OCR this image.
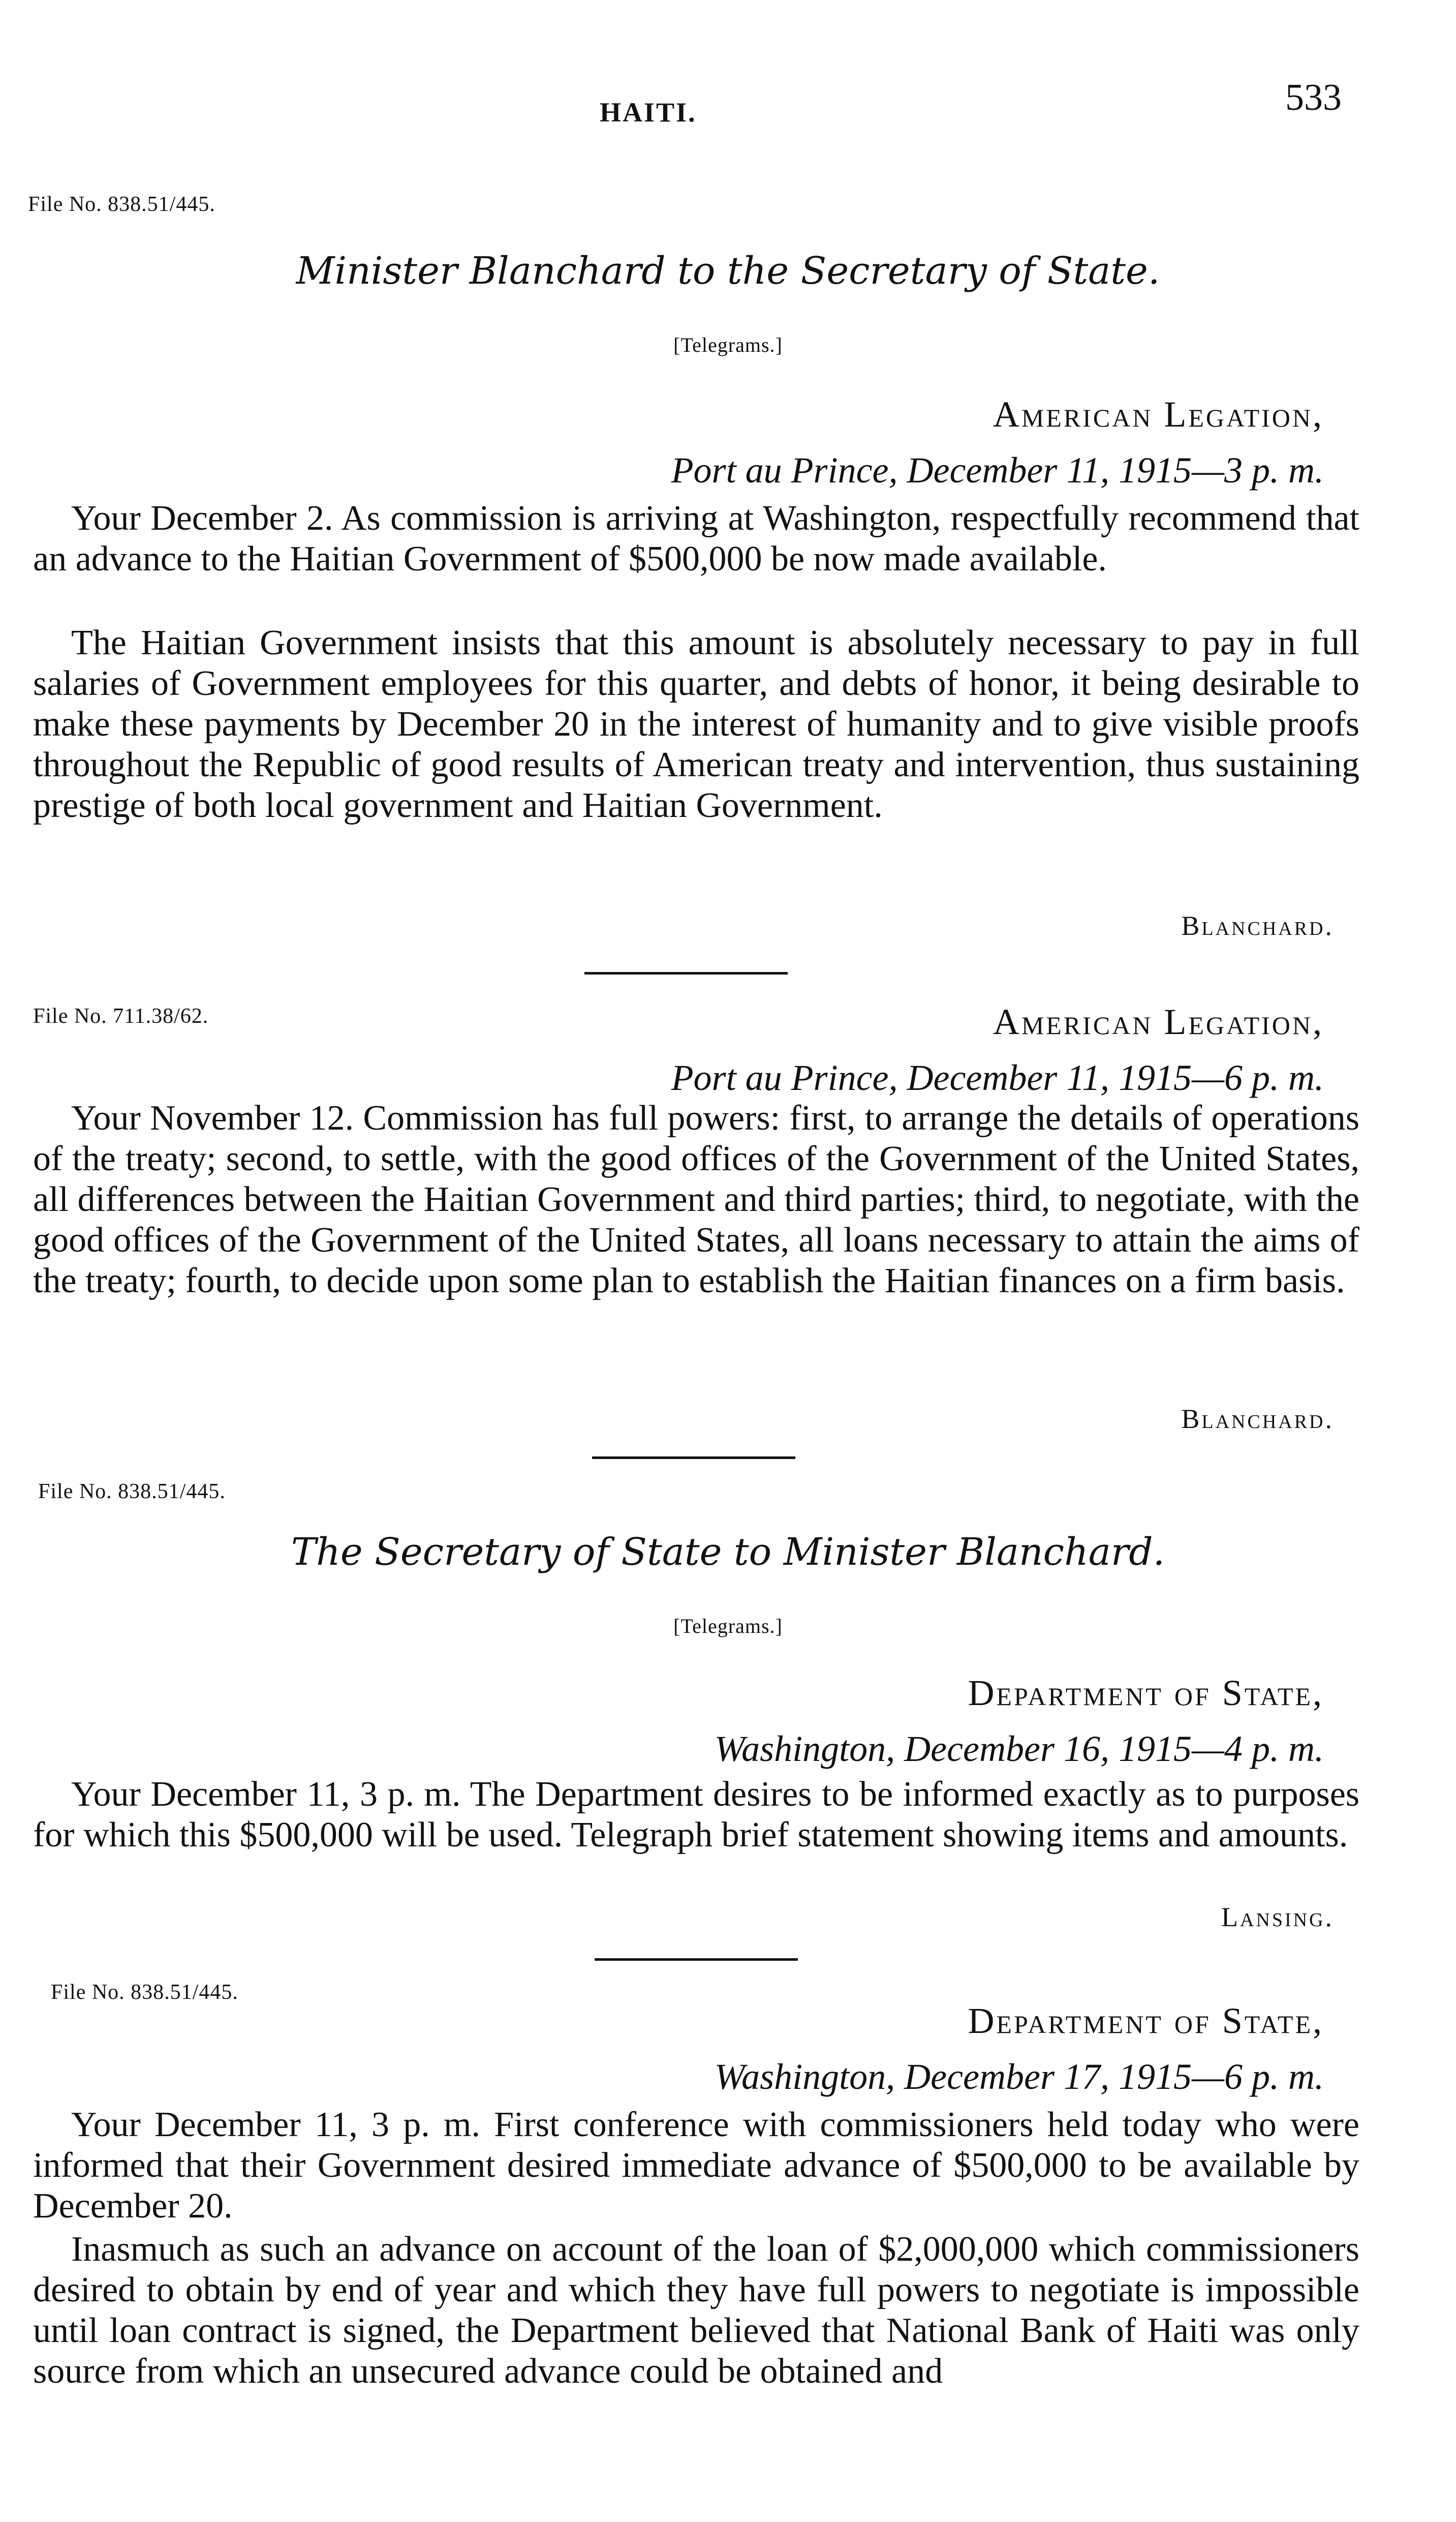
HAITI.	533
File No. 838.51/445.
Minister Blanchard to the Secretary of State.
[Telegrams.]
American Legation,
Port au Prince, December 11, 1915—3 p. m.

Your December 2. As commission is arriving at Washington, respectfully recommend that an advance to the Haitian Government of $500,000 be now made available.

The Haitian Government insists that this amount is absolutely necessary to pay in full salaries of Government employees for this quarter, and debts of honor, it being desirable to make these payments by December 20 in the interest of humanity and to give visible proofs throughout the Republic of good results of American treaty and intervention, thus sustaining prestige of both local government and Haitian Government.

Blanchard.
File No. 711.38/62.	American Legation,
Port au Prince, December 11, 1915—6 p. m.

Your November 12. Commission has full powers: first, to arrange the details of operations of the treaty; second, to settle, with the good offices of the Government of the United States, all differences between the Haitian Government and third parties; third, to negotiate, with the good offices of the Government of the United States, all loans necessary to attain the aims of the treaty; fourth, to decide upon some plan to establish the Haitian finances on a firm basis.

Blanchard.
File No. 838.51/445.
The Secretary of State to Minister Blanchard.
[Telegrams.]
Department of State,
Washington, December 16, 1915—4 p. m.

Your December 11, 3 p. m. The Department desires to be informed exactly as to purposes for which this $500,000 will be used. Telegraph brief statement showing items and amounts.

Lansing.
File No. 838.51/445.
Department of State,
Washington, December 17, 1915—6 p. m.

Your December 11, 3 p. m. First conference with commissioners held today who were informed that their Government desired immediate advance of $500,000 to be available by December 20.

Inasmuch as such an advance on account of the loan of $2,000,000 which commissioners desired to obtain by end of year and which they have full powers to negotiate is impossible until loan contract is signed, the Department believed that National Bank of Haiti was only source from which an unsecured advance could be obtained and
